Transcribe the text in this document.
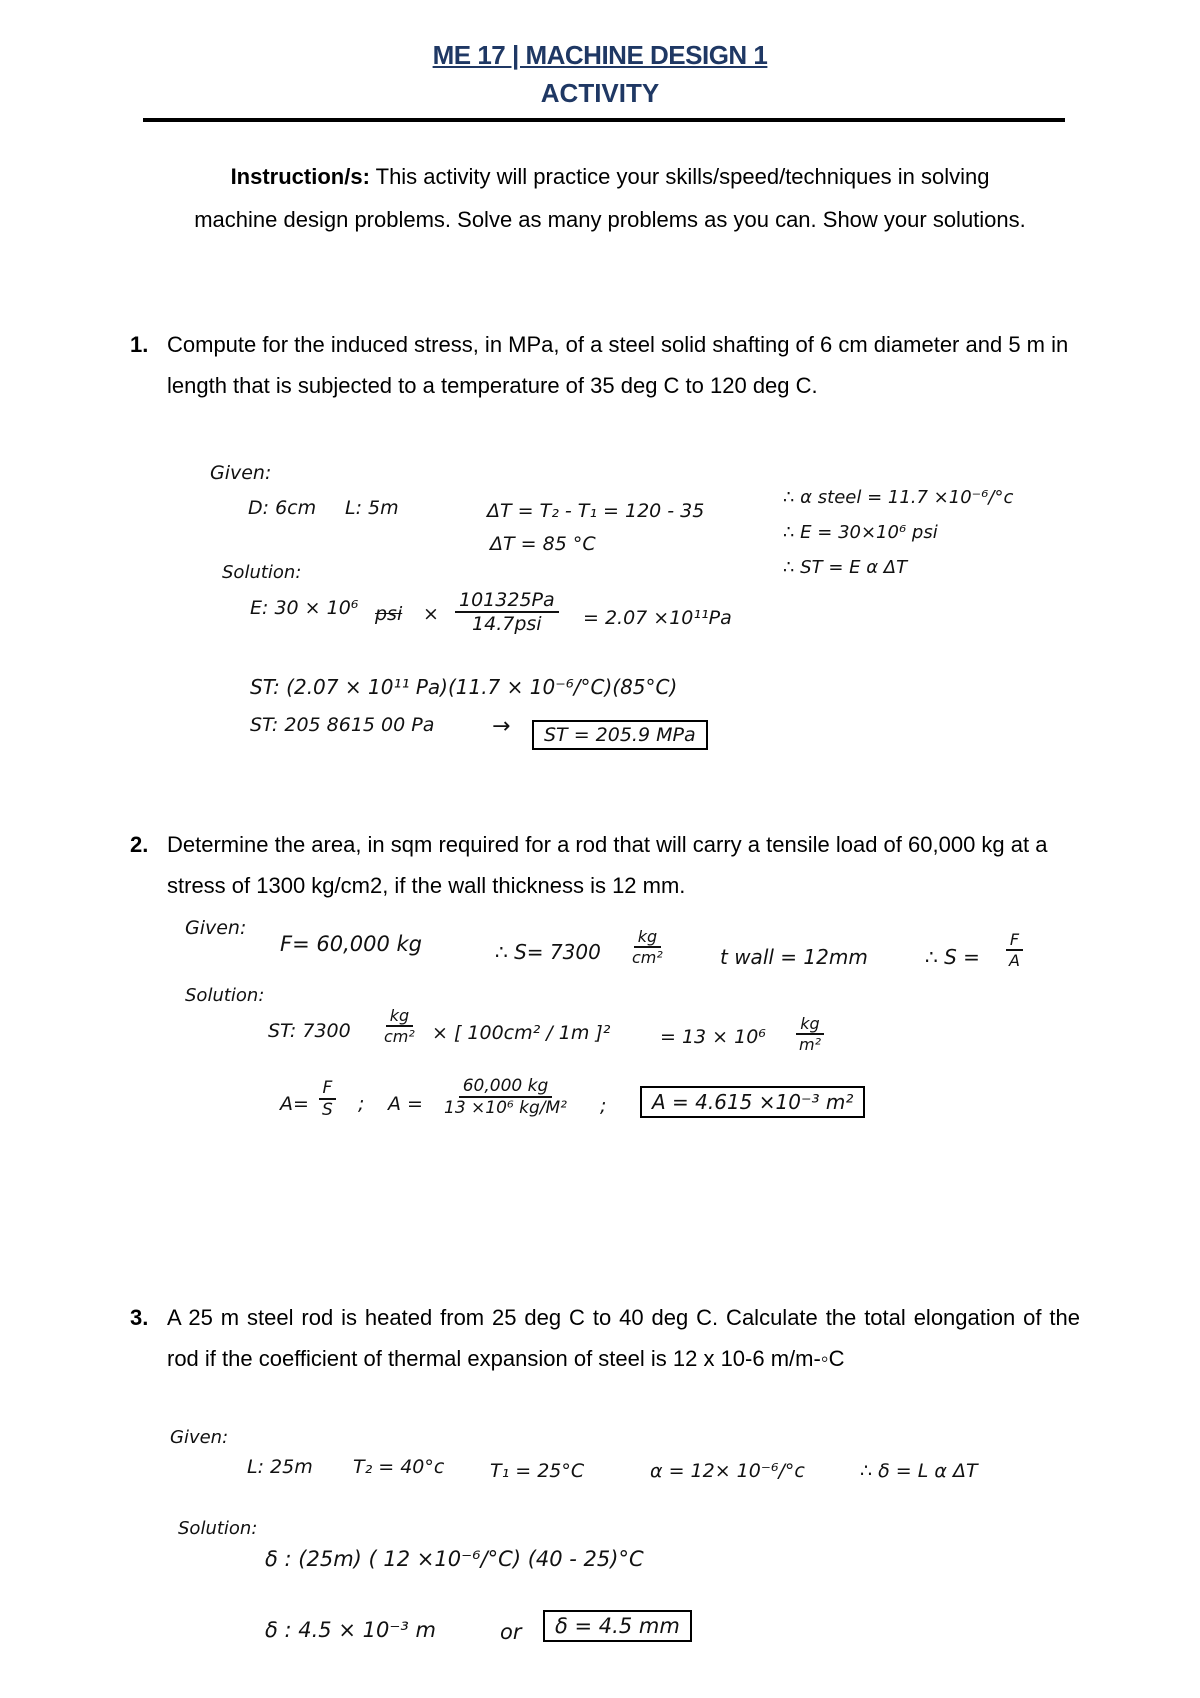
ME 17 | MACHINE DESIGN 1
ACTIVITY
Instruction/s: This activity will practice your skills/speed/techniques in solving machine design problems. Solve as many problems as you can. Show your solutions.
1. Compute for the induced stress, in MPa, of a steel solid shafting of 6 cm diameter and 5 m in length that is subjected to a temperature of 35 deg C to 120 deg C.
Given:
D: 6cm L: 5m	ΔT = T₂ - T₁ = 120 - 35
ΔT = 85 °C
∴ α steel = 11.7 ×10⁻⁶/°c
∴ E = 30×10⁶ psi
∴ ST = E α ΔT
Solution:
E: 30 × 10⁶ psi × $\frac{101325Pa}{\text{14.7psi}} = 2.07 \times 10^{11}Pa$
ST: (2.07 × 10¹¹ Pa)(11.7 × 10⁻⁶/°C)(85°C)
ST: 205 8615 00 Pa	→	ST = 205.9 MPa
2. Determine the area, in sqm required for a rod that will carry a tensile load of 60,000 kg at a stress of 1300 kg/cm2, if the wall thickness is 12 mm.
Given:
F= 60,000 kg	∴ $S= 7300 \frac{kg}{\text{cm²}}$	t wall = 12mm	∴ $S = \frac{F}{A}$
Solution:
ST: $7300 \frac{kg}{\text{cm²}}$ × [ 100cm² / 1m ]²	= $13 \times 10^6 \frac{kg}{\text{m²}}$
$A= \frac{F}{S}$ ; $A = \frac{60,000 kg}{\text{13 ×10⁶ kg/M²}}$ ;	A = 4.615 ×10⁻³ m²
3. A 25 m steel rod is heated from 25 deg C to 40 deg C. Calculate the total elongation of the rod if the coefficient of thermal expansion of steel is 12 x 10-6 m/m-◦C
Given:
L: 25m T₂ = 40°c T₁ = 25°C	α = 12× 10⁻⁶/°c	∴ δ = L α ΔT
Solution:
δ : (25m) ( 12 ×10⁻⁶/°C) (40 - 25)°C
δ : 4.5 × 10⁻³ m	or	δ = 4.5 mm
